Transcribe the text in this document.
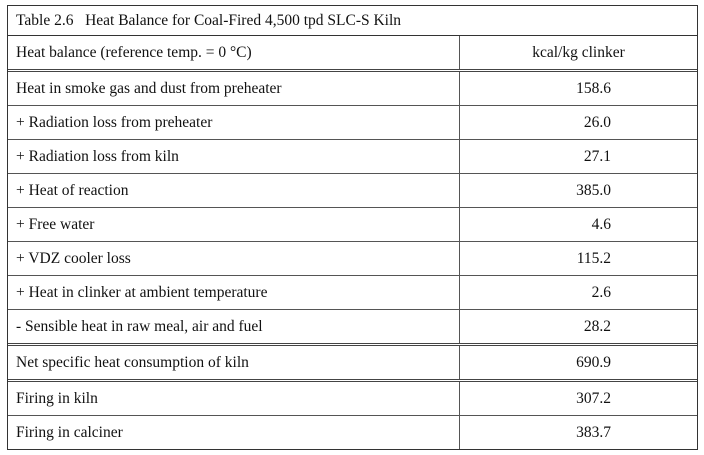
Table 2.6   Heat Balance for Coal-Fired 4,500 tpd SLC-S Kiln
Heat balance (reference temp. = 0 °C)	kcal/kg clinker
Heat in smoke gas and dust from preheater	158.6
+ Radiation loss from preheater	26.0
+ Radiation loss from kiln	27.1
+ Heat of reaction	385.0
+ Free water	4.6
+ VDZ cooler loss	115.2
+ Heat in clinker at ambient temperature	2.6
- Sensible heat in raw meal, air and fuel	28.2
Net specific heat consumption of kiln	690.9
Firing in kiln	307.2
Firing in calciner	383.7
